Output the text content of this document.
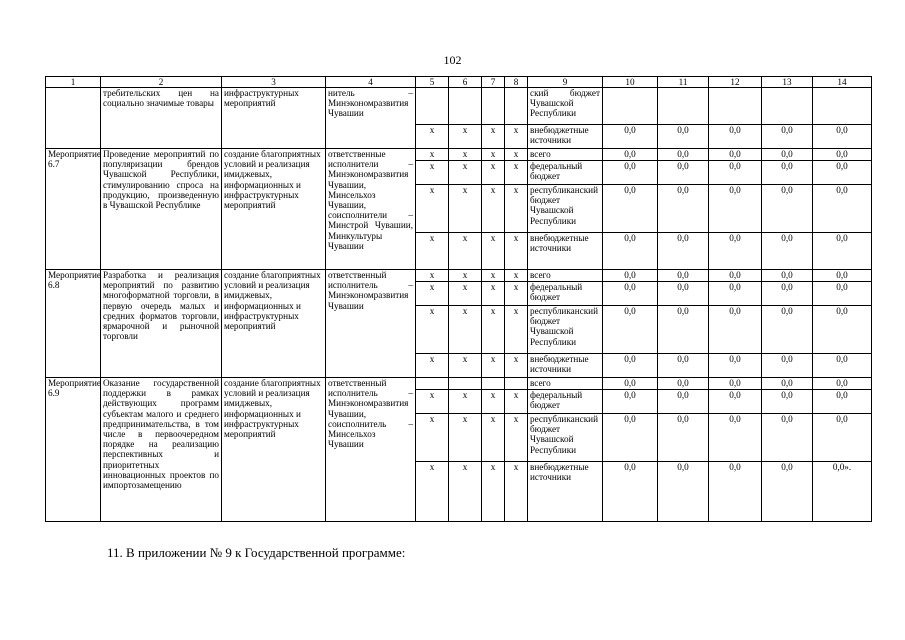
102
1	2	3	4	5	6	7	8	9	10	11	12	13	14
	требительских цен на социально значимые товары	инфраструктурных мероприятий	нитель – Минэкономразвития Чувашии					ский бюджет Чувашской Республики					
				x	x	x	x	внебюджетные источники	0,0	0,0	0,0	0,0	0,0
Мероприятие 6.7	Проведение мероприятий по популяризации брендов Чувашской Республики, стимулированию спроса на продукцию, произведенную в Чувашской Республике	создание благоприятных условий и реализация имиджевых, информационных и инфраструктурных мероприятий	ответственные исполнители – Минэкономразвития Чувашии, Минсельхоз Чувашии, соисполнители – Минстрой Чувашии, Минкультуры Чувашии	x	x	x	x	всего	0,0	0,0	0,0	0,0	0,0
				x	x	x	x	федеральный бюджет	0,0	0,0	0,0	0,0	0,0
				x	x	x	x	республиканский бюджет Чувашской Республики	0,0	0,0	0,0	0,0	0,0
				x	x	x	x	внебюджетные источники	0,0	0,0	0,0	0,0	0,0
Мероприятие 6.8	Разработка и реализация мероприятий по развитию многоформатной торговли, в первую очередь малых и средних форматов торговли, ярмарочной и рыночной торговли	создание благоприятных условий и реализация имиджевых, информационных и инфраструктурных мероприятий	ответственный исполнитель – Минэкономразвития Чувашии	x	x	x	x	всего	0,0	0,0	0,0	0,0	0,0
				x	x	x	x	федеральный бюджет	0,0	0,0	0,0	0,0	0,0
				x	x	x	x	республиканский бюджет Чувашской Республики	0,0	0,0	0,0	0,0	0,0
				x	x	x	x	внебюджетные источники	0,0	0,0	0,0	0,0	0,0
Мероприятие 6.9	Оказание государственной поддержки в рамках действующих программ субъектам малого и среднего предпринимательства, в том числе в первоочередном порядке на реализацию перспективных и приоритетных инновационных проектов по импортозамещению	создание благоприятных условий и реализация имиджевых, информационных и инфраструктурных мероприятий	ответственный исполнитель – Минэкономразвития Чувашии, соисполнитель – Минсельхоз Чувашии					всего	0,0	0,0	0,0	0,0	0,0
				x	x	x	x	федеральный бюджет	0,0	0,0	0,0	0,0	0,0
				x	x	x	x	республиканский бюджет Чувашской Республики	0,0	0,0	0,0	0,0	0,0
				x	x	x	x	внебюджетные источники	0,0	0,0	0,0	0,0	0,0».
11. В приложении № 9 к Государственной программе:
